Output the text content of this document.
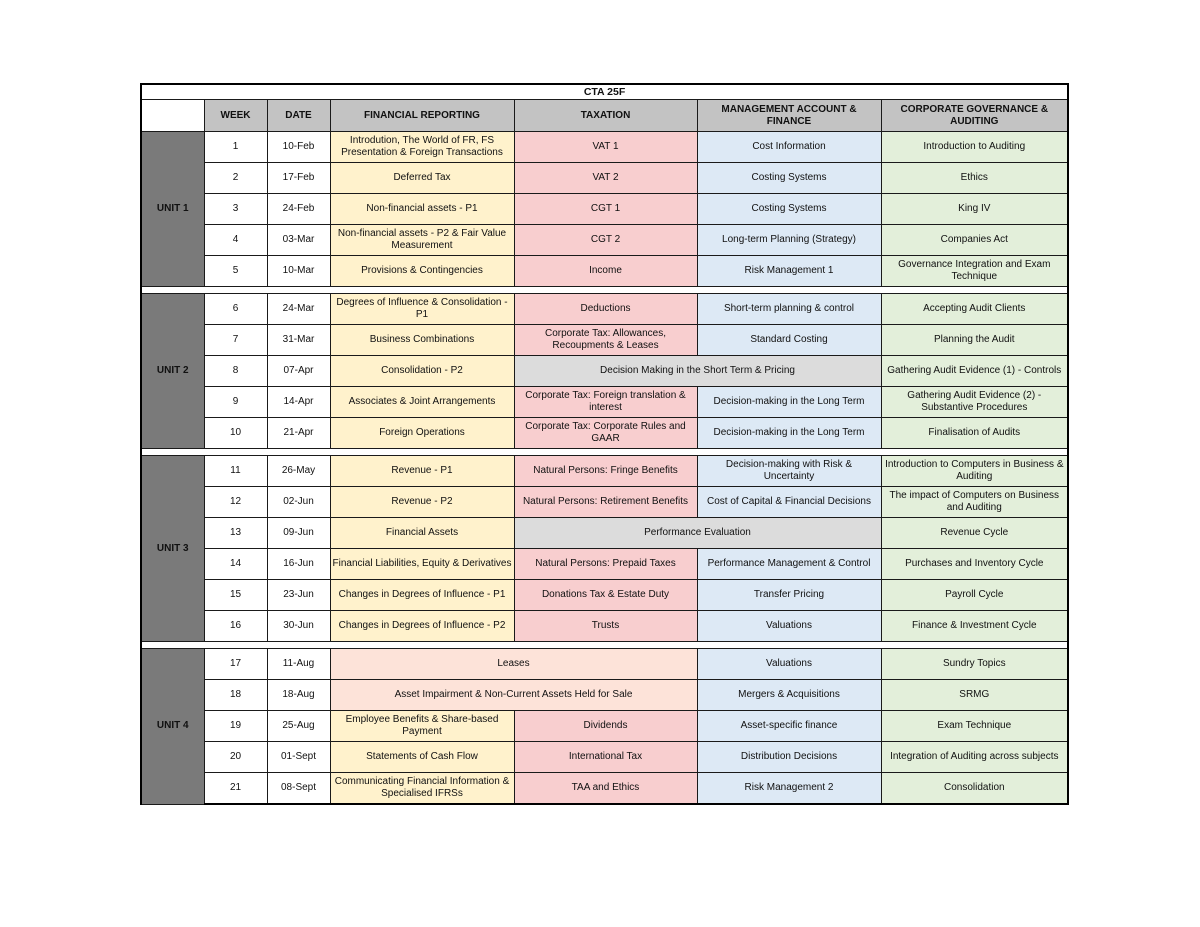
CTA 25F						
	WEEK	DATE	FINANCIAL REPORTING	TAXATION	MANAGEMENT ACCOUNT & FINANCE	CORPORATE GOVERNANCE & AUDITING
UNIT 1	1	10-Feb	Introdution, The World of FR, FS Presentation & Foreign Transactions	VAT 1	Cost Information	Introduction to Auditing
	2	17-Feb	Deferred Tax	VAT 2	Costing Systems	Ethics
	3	24-Feb	Non-financial assets - P1	CGT 1	Costing Systems	King IV
	4	03-Mar	Non-financial assets - P2 & Fair Value Measurement	CGT 2	Long-term Planning (Strategy)	Companies Act
	5	10-Mar	Provisions & Contingencies	Income	Risk Management 1	Governance Integration and Exam Technique

UNIT 2	6	24-Mar	Degrees of Influence & Consolidation - P1	Deductions	Short-term planning & control	Accepting Audit Clients
	7	31-Mar	Business Combinations	Corporate Tax: Allowances, Recoupments & Leases	Standard Costing	Planning the Audit
	8	07-Apr	Consolidation - P2	Decision Making in the Short Term & Pricing		Gathering Audit Evidence (1) - Controls
	9	14-Apr	Associates & Joint Arrangements	Corporate Tax: Foreign translation & interest	Decision-making in the Long Term	Gathering Audit Evidence (2) - Substantive Procedures
	10	21-Apr	Foreign Operations	Corporate Tax: Corporate Rules and GAAR	Decision-making in the Long Term	Finalisation of Audits

UNIT 3	11	26-May	Revenue - P1	Natural Persons: Fringe Benefits	Decision-making with Risk & Uncertainty	Introduction to Computers in Business & Auditing
	12	02-Jun	Revenue - P2	Natural Persons: Retirement Benefits	Cost of Capital & Financial Decisions	The impact of Computers on Business and Auditing
	13	09-Jun	Financial Assets	Performance Evaluation		Revenue Cycle
	14	16-Jun	Financial Liabilities, Equity & Derivatives	Natural Persons: Prepaid Taxes	Performance Management & Control	Purchases and Inventory Cycle
	15	23-Jun	Changes in Degrees of Influence - P1	Donations Tax & Estate Duty	Transfer Pricing	Payroll Cycle
	16	30-Jun	Changes in Degrees of Influence - P2	Trusts	Valuations	Finance & Investment Cycle

UNIT 4	17	11-Aug	Leases		Valuations	Sundry Topics
	18	18-Aug	Asset Impairment & Non-Current Assets Held for Sale		Mergers & Acquisitions	SRMG
	19	25-Aug	Employee Benefits & Share-based Payment	Dividends	Asset-specific finance	Exam Technique
	20	01-Sept	Statements of Cash Flow	International Tax	Distribution Decisions	Integration of Auditing across subjects
	21	08-Sept	Communicating Financial Information & Specialised IFRSs	TAA and Ethics	Risk Management 2	Consolidation
